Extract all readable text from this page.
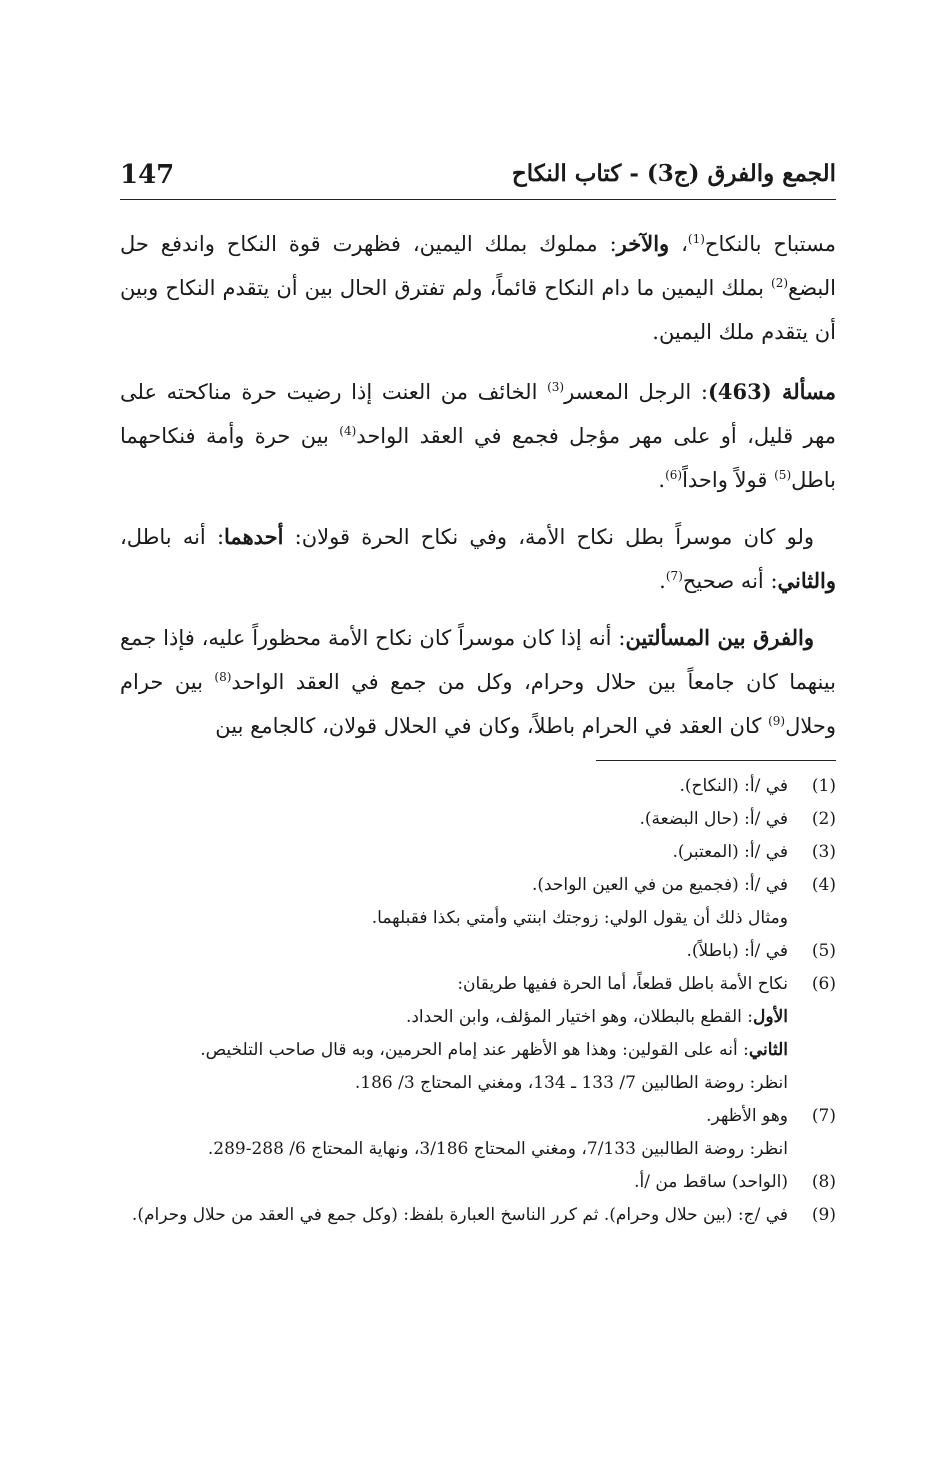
147	الجمع والفرق (ج3) - كتاب النكاح

مستباح بالنكاح$^{(1)}$، والآخر: مملوك بملك اليمين، فظهرت قوة النكاح واندفع حل البضع$^{(2)}$ بملك اليمين ما دام النكاح قائماً، ولم تفترق الحال بين أن يتقدم النكاح وبين أن يتقدم ملك اليمين.

مسألة (463): الرجل المعسر$^{(3)}$ الخائف من العنت إذا رضيت حرة مناكحته على مهر قليل، أو على مهر مؤجل فجمع في العقد الواحد$^{(4)}$ بين حرة وأمة فنكاحهما باطل$^{(5)}$ قولاً واحداً$^{(6)}$.

ولو كان موسراً بطل نكاح الأمة، وفي نكاح الحرة قولان: أحدهما: أنه باطل، والثاني: أنه صحيح$^{(7)}$.

والفرق بين المسألتين: أنه إذا كان موسراً كان نكاح الأمة محظوراً عليه، فإذا جمع بينهما كان جامعاً بين حلال وحرام، وكل من جمع في العقد الواحد$^{(8)}$ بين حرام وحلال$^{(9)}$ كان العقد في الحرام باطلاً، وكان في الحلال قولان، كالجامع بين

(1)
في /أ: (النكاح).
(2)
في /أ: (حال البضعة).
(3)
في /أ: (المعتبر).
(4)
في /أ: (فجميع من في العين الواحد).
ومثال ذلك أن يقول الولي: زوجتك ابنتي وأمتي بكذا فقبلهما.
(5)
في /أ: (باطلاً).
(6)
نكاح الأمة باطل قطعاً، أما الحرة ففيها طريقان:
الأول: القطع بالبطلان، وهو اختيار المؤلف، وابن الحداد.
الثاني: أنه على القولين: وهذا هو الأظهر عند إمام الحرمين، وبه قال صاحب التلخيص.
انظر: روضة الطالبين 7/ 133 ـ 134، ومغني المحتاج 3/ 186.
(7)
وهو الأظهر.
انظر: روضة الطالبين 7/133، ومغني المحتاج 3/186، ونهاية المحتاج 6/ 288-289.
(8)
(الواحد) ساقط من /أ.
(9)
في /ج: (بين حلال وحرام). ثم كرر الناسخ العبارة بلفظ: (وكل جمع في العقد من حلال وحرام).
